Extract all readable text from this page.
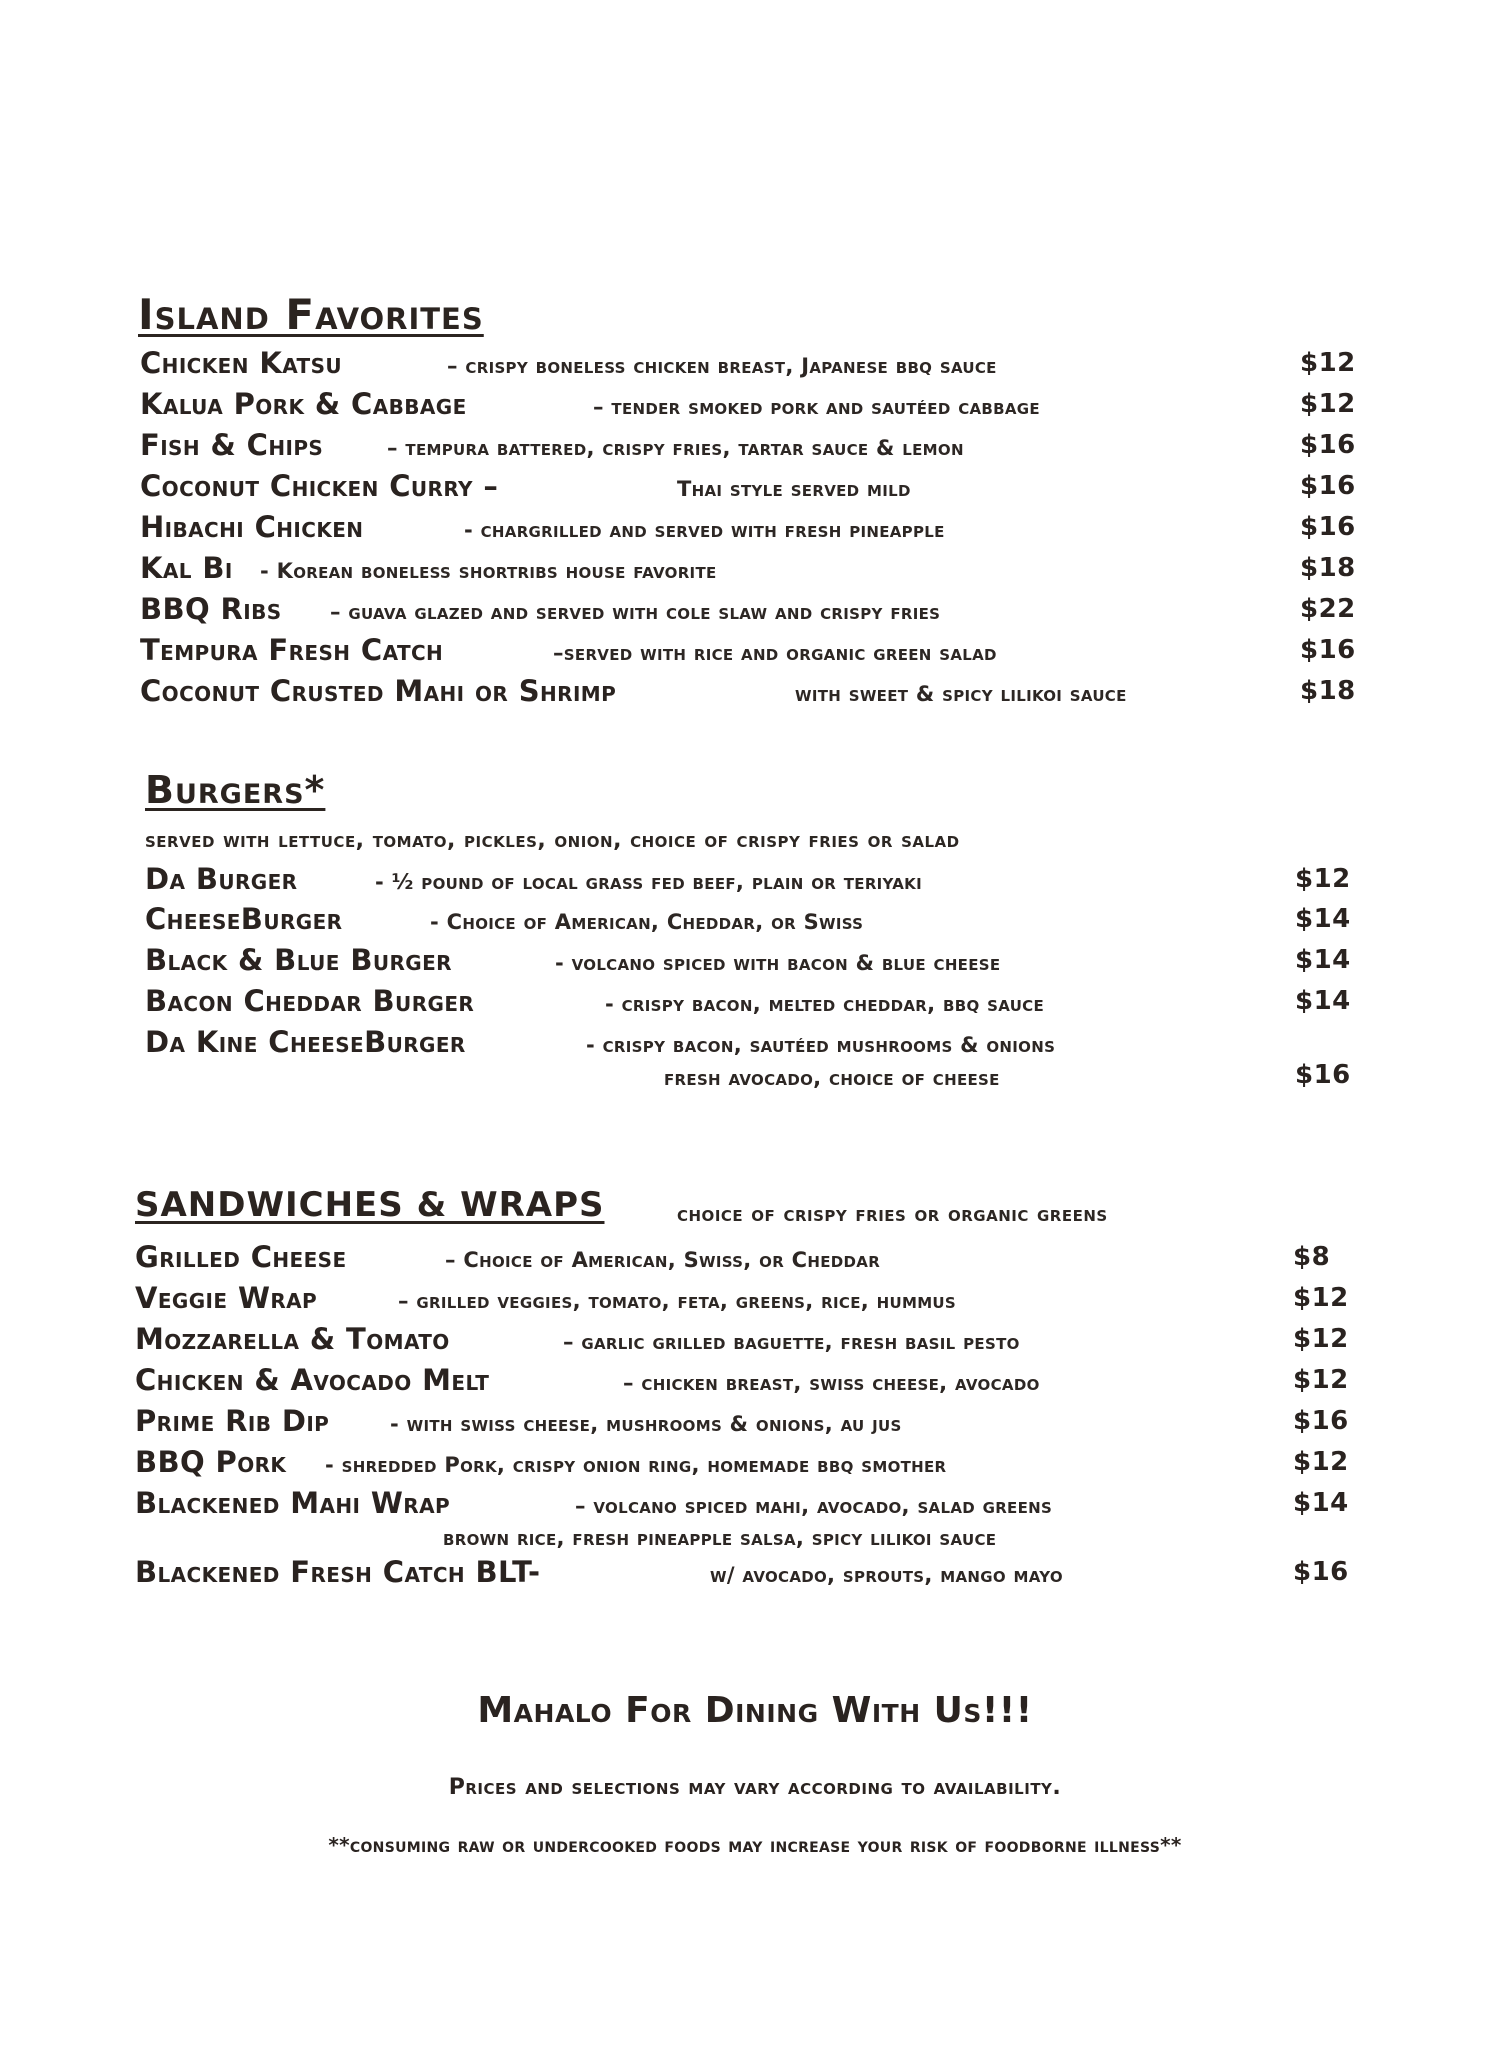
Island Favorites
Chicken Katsu	– crispy boneless chicken breast, Japanese bbq sauce	$12
Kalua Pork & Cabbage	– tender smoked pork and sautéed cabbage	$12
Fish & Chips	– tempura battered, crispy fries, tartar sauce & lemon	$16
Coconut Chicken Curry –	Thai style served mild	$16
Hibachi Chicken	- chargrilled and served with fresh pineapple	$16
Kal Bi - Korean boneless shortribs house favorite	$18
BBQ Ribs – guava glazed and served with cole slaw and crispy fries	$22
Tempura Fresh Catch	–served with rice and organic green salad	$16
Coconut Crusted Mahi or Shrimp	with sweet & spicy lilikoi sauce	$18
Burgers*
served with lettuce, tomato, pickles, onion, choice of crispy fries or salad
Da Burger	- ½ pound of local grass fed beef, plain or teriyaki	$12
CheeseBurger	- Choice of American, Cheddar, or Swiss	$14
Black & Blue Burger	- volcano spiced with bacon & blue cheese	$14
Bacon Cheddar Burger	- crispy bacon, melted cheddar, bbq sauce	$14
Da Kine CheeseBurger	- crispy bacon, sautéed mushrooms & onions
fresh avocado, choice of cheese	$16
SANDWICHES & WRAPS	choice of crispy fries or organic greens
Grilled Cheese	– Choice of American, Swiss, or Cheddar	$8
Veggie Wrap	– grilled veggies, tomato, feta, greens, rice, hummus	$12
Mozzarella & Tomato	– garlic grilled baguette, fresh basil pesto	$12
Chicken & Avocado Melt	– chicken breast, swiss cheese, avocado	$12
Prime Rib Dip	- with swiss cheese, mushrooms & onions, au jus	$16
BBQ Pork - shredded Pork, crispy onion ring, homemade bbq smother	$12
Blackened Mahi Wrap	– volcano spiced mahi, avocado, salad greens	$14
brown rice, fresh pineapple salsa, spicy lilikoi sauce
Blackened Fresh Catch BLT-	w/ avocado, sprouts, mango mayo	$16
Mahalo For Dining With Us!!!
Prices and selections may vary according to availability.
**consuming raw or undercooked foods may increase your risk of foodborne illness**
